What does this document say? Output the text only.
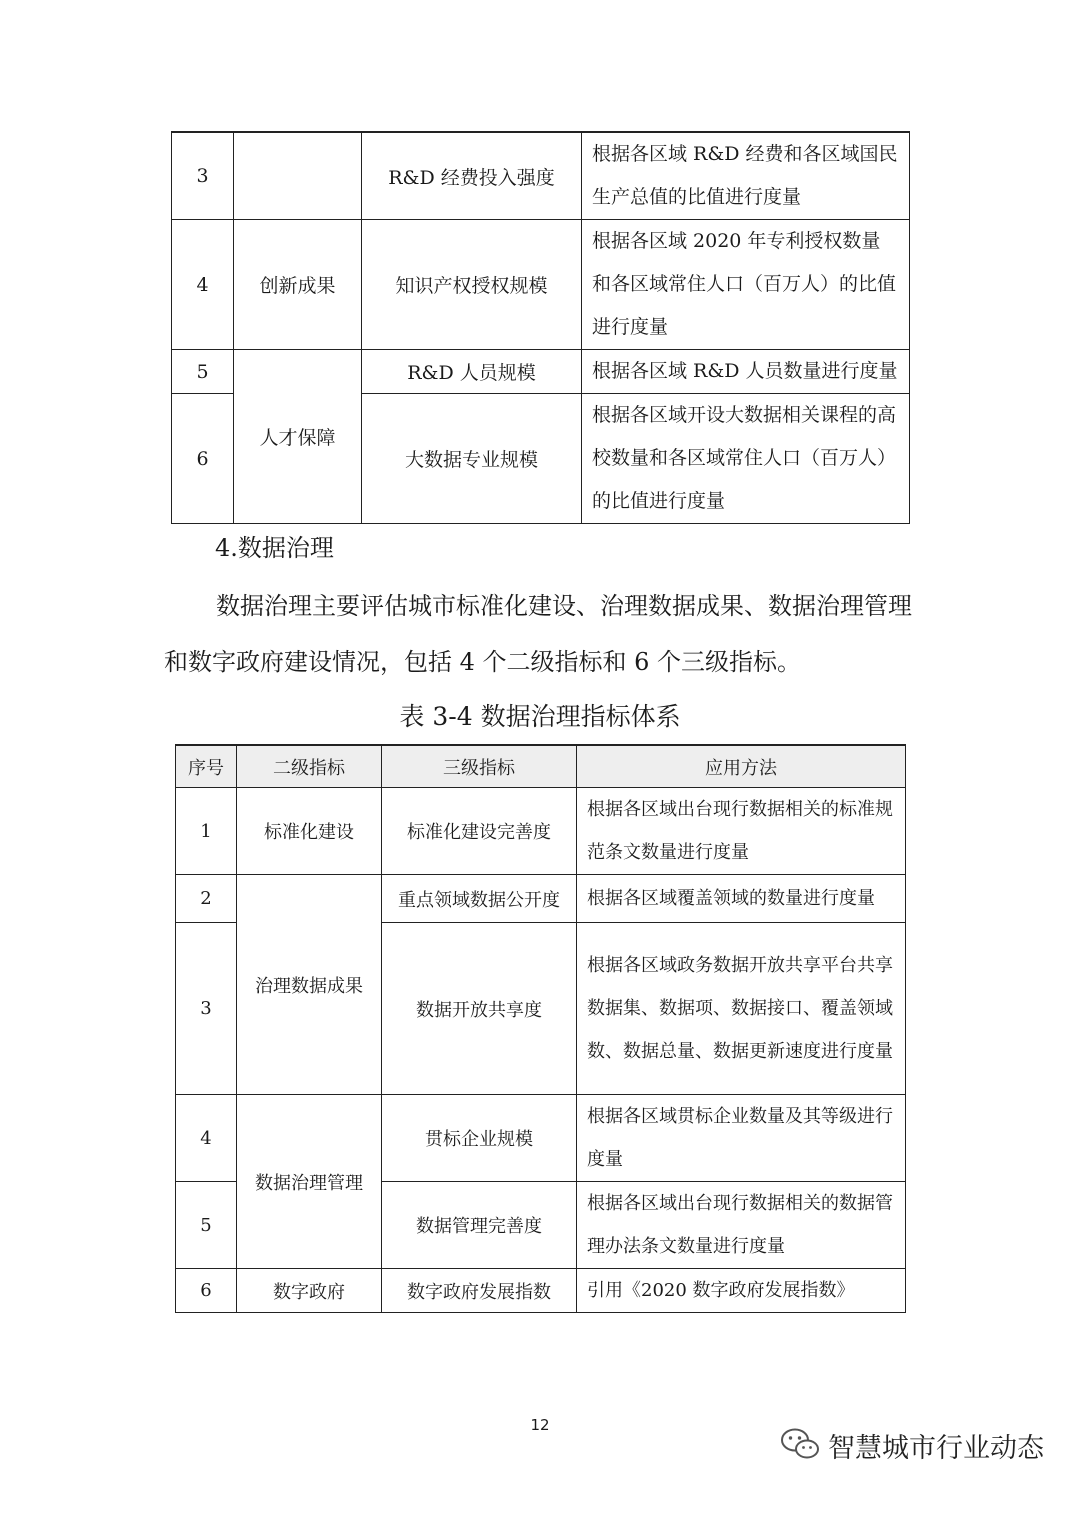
3		R&D 经费投入强度	根据各区域 R&D 经费和各区域国民生产总值的比值进行度量
4	创新成果	知识产权授权规模	根据各区域 2020 年专利授权数量和各区域常住人口（百万人）的比值进行度量
5	人才保障	R&D 人员规模	根据各区域 R&D 人员数量进行度量
6		大数据专业规模	根据各区域开设大数据相关课程的高校数量和各区域常住人口（百万人）的比值进行度量
4.数据治理
数据治理主要评估城市标准化建设、治理数据成果、数据治理管理和数字政府建设情况，包括 4 个二级指标和 6 个三级指标。
表 3-4 数据治理指标体系
序号	二级指标	三级指标	应用方法
1	标准化建设	标准化建设完善度	根据各区域出台现行数据相关的标准规范条文数量进行度量
2	治理数据成果	重点领域数据公开度	根据各区域覆盖领域的数量进行度量
3		数据开放共享度	根据各区域政务数据开放共享平台共享数据集、数据项、数据接口、覆盖领域数、数据总量、数据更新速度进行度量
4	数据治理管理	贯标企业规模	根据各区域贯标企业数量及其等级进行度量
5		数据管理完善度	根据各区域出台现行数据相关的数据管理办法条文数量进行度量
6	数字政府	数字政府发展指数	引用《2020 数字政府发展指数》
12
智慧城市行业动态
